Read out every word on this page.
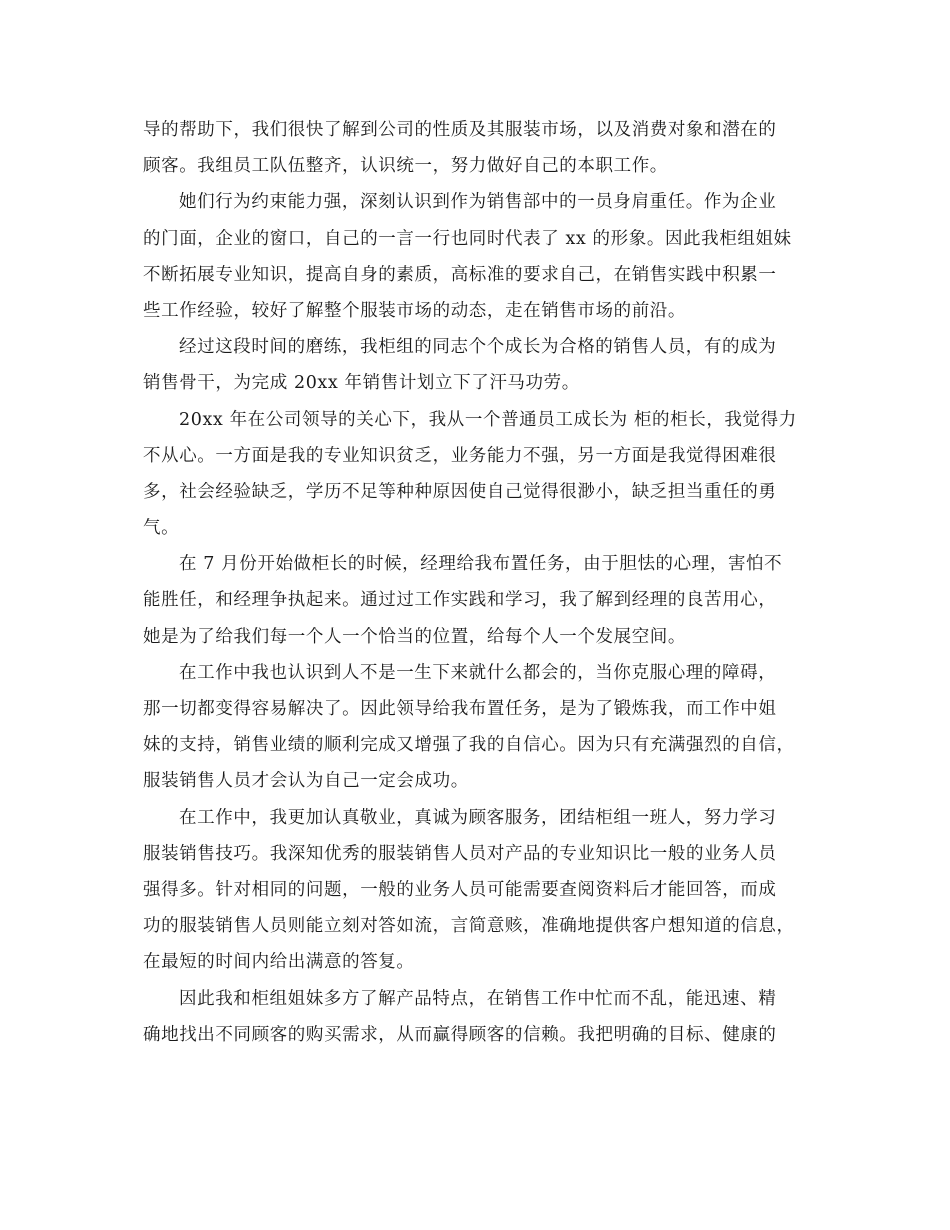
导的帮助下，我们很快了解到公司的性质及其服装市场，以及消费对象和潜在的
顾客。我组员工队伍整齐，认识统一，努力做好自己的本职工作。
她们行为约束能力强，深刻认识到作为销售部中的一员身肩重任。作为企业
的门面，企业的窗口，自己的一言一行也同时代表了 xx 的形象。因此我柜组姐妹
不断拓展专业知识，提高自身的素质，高标准的要求自己，在销售实践中积累一
些工作经验，较好了解整个服装市场的动态，走在销售市场的前沿。
经过这段时间的磨练，我柜组的同志个个成长为合格的销售人员，有的成为
销售骨干，为完成 20xx 年销售计划立下了汗马功劳。
20xx 年在公司领导的关心下，我从一个普通员工成长为 柜的柜长，我觉得力
不从心。一方面是我的专业知识贫乏，业务能力不强，另一方面是我觉得困难很
多，社会经验缺乏，学历不足等种种原因使自己觉得很渺小，缺乏担当重任的勇
气。
在 7 月份开始做柜长的时候，经理给我布置任务，由于胆怯的心理，害怕不
能胜任，和经理争执起来。通过过工作实践和学习，我了解到经理的良苦用心，
她是为了给我们每一个人一个恰当的位置，给每个人一个发展空间。
在工作中我也认识到人不是一生下来就什么都会的，当你克服心理的障碍，
那一切都变得容易解决了。因此领导给我布置任务，是为了锻炼我，而工作中姐
妹的支持，销售业绩的顺利完成又增强了我的自信心。因为只有充满强烈的自信，
服装销售人员才会认为自己一定会成功。
在工作中，我更加认真敬业，真诚为顾客服务，团结柜组一班人，努力学习
服装销售技巧。我深知优秀的服装销售人员对产品的专业知识比一般的业务人员
强得多。针对相同的问题，一般的业务人员可能需要查阅资料后才能回答，而成
功的服装销售人员则能立刻对答如流，言简意赅，准确地提供客户想知道的信息，
在最短的时间内给出满意的答复。
因此我和柜组姐妹多方了解产品特点，在销售工作中忙而不乱，能迅速、精
确地找出不同顾客的购买需求，从而赢得顾客的信赖。我把明确的目标、健康的
